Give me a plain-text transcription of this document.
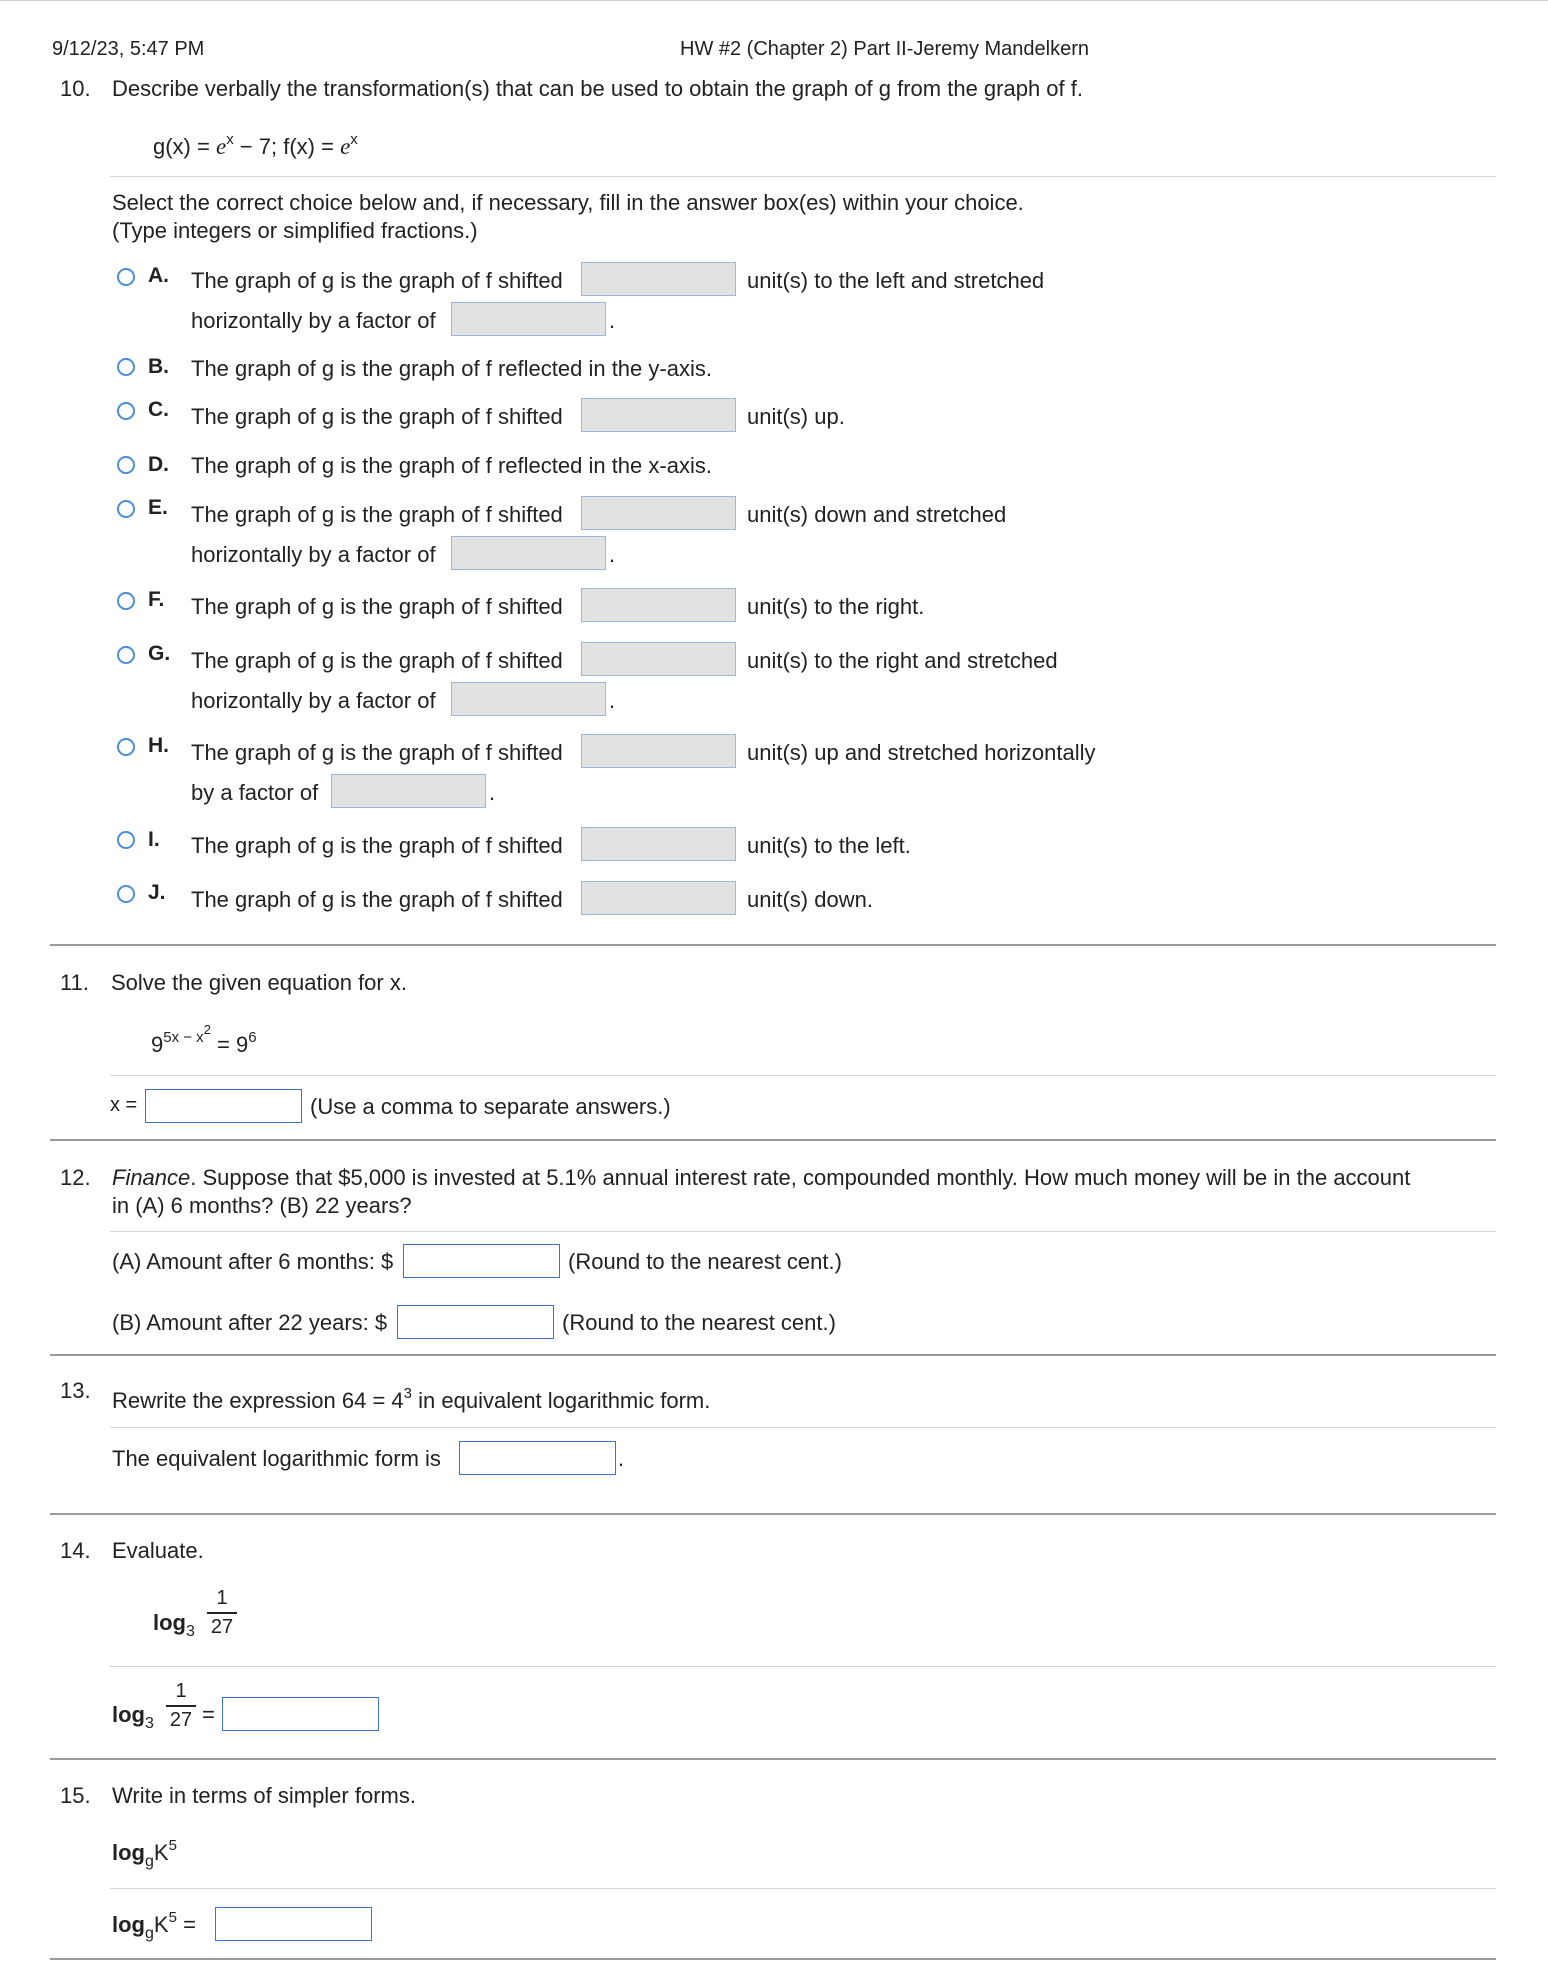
9/12/23, 5:47 PM	HW #2 (Chapter 2) Part II-Jeremy Mandelkern
10. Describe verbally the transformation(s) that can be used to obtain the graph of g from the graph of f.
$g(x) = e^x - 7$; $f(x) = e^x$
Select the correct choice below and, if necessary, fill in the answer box(es) within your choice.
(Type integers or simplified fractions.)
A. The graph of g is the graph of f shifted	unit(s) to the left and stretched
horizontally by a factor of	.
B. The graph of g is the graph of f reflected in the y-axis.
C. The graph of g is the graph of f shifted	unit(s) up.
D. The graph of g is the graph of f reflected in the x-axis.
E. The graph of g is the graph of f shifted	unit(s) down and stretched
horizontally by a factor of	.
F. The graph of g is the graph of f shifted	unit(s) to the right.
G. The graph of g is the graph of f shifted	unit(s) to the right and stretched
horizontally by a factor of	.
H. The graph of g is the graph of f shifted	unit(s) up and stretched horizontally
by a factor of	.
I. The graph of g is the graph of f shifted	unit(s) to the left.
J. The graph of g is the graph of f shifted	unit(s) down.
11. Solve the given equation for x.
$9^{5x - x2} = 9^6$
x =	(Use a comma to separate answers.)
12. Finance. Suppose that $5,000 is invested at 5.1% annual interest rate, compounded monthly. How much money will be in the account
in (A) 6 months? (B) 22 years?
(A) Amount after 6 months: $	(Round to the nearest cent.)
(B) Amount after 22 years: $	(Round to the nearest cent.)
13. Rewrite the expression $64 = 4^3$ in equivalent logarithmic form.
The equivalent logarithmic form is	.
14. Evaluate.
$\log_3$
1
27
$\log_3$
1
27 =
15. Write in terms of simpler forms.
$\log_gK^5$
$\log_gK^5$ =
